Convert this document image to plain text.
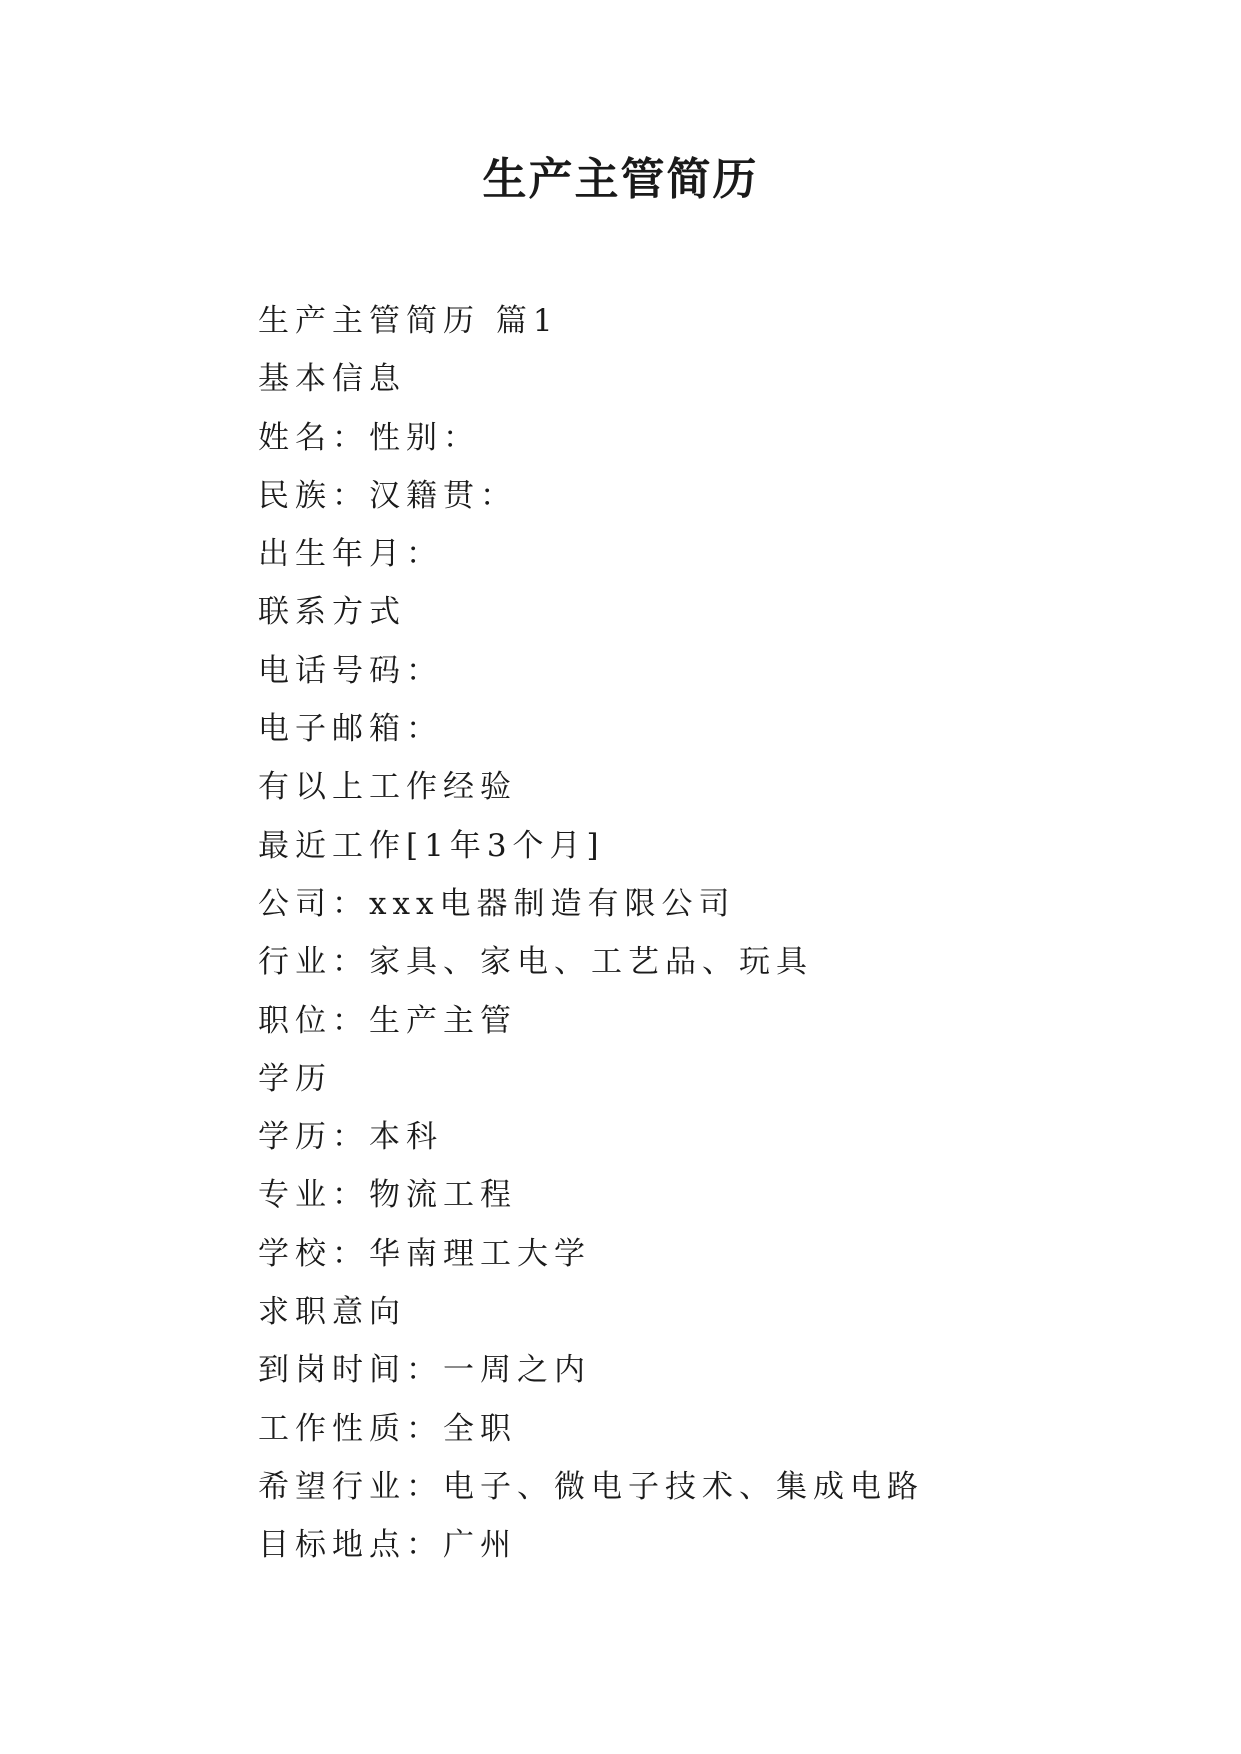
生产主管简历
生产主管简历 篇1
基本信息
姓名：性别：
民族：汉籍贯：
出生年月：
联系方式
电话号码：
电子邮箱：
有以上工作经验
最近工作[1年3个月]
公司：xxx电器制造有限公司
行业：家具、家电、工艺品、玩具
职位：生产主管
学历
学历：本科
专业：物流工程
学校：华南理工大学
求职意向
到岗时间：一周之内
工作性质：全职
希望行业：电子、微电子技术、集成电路
目标地点：广州
